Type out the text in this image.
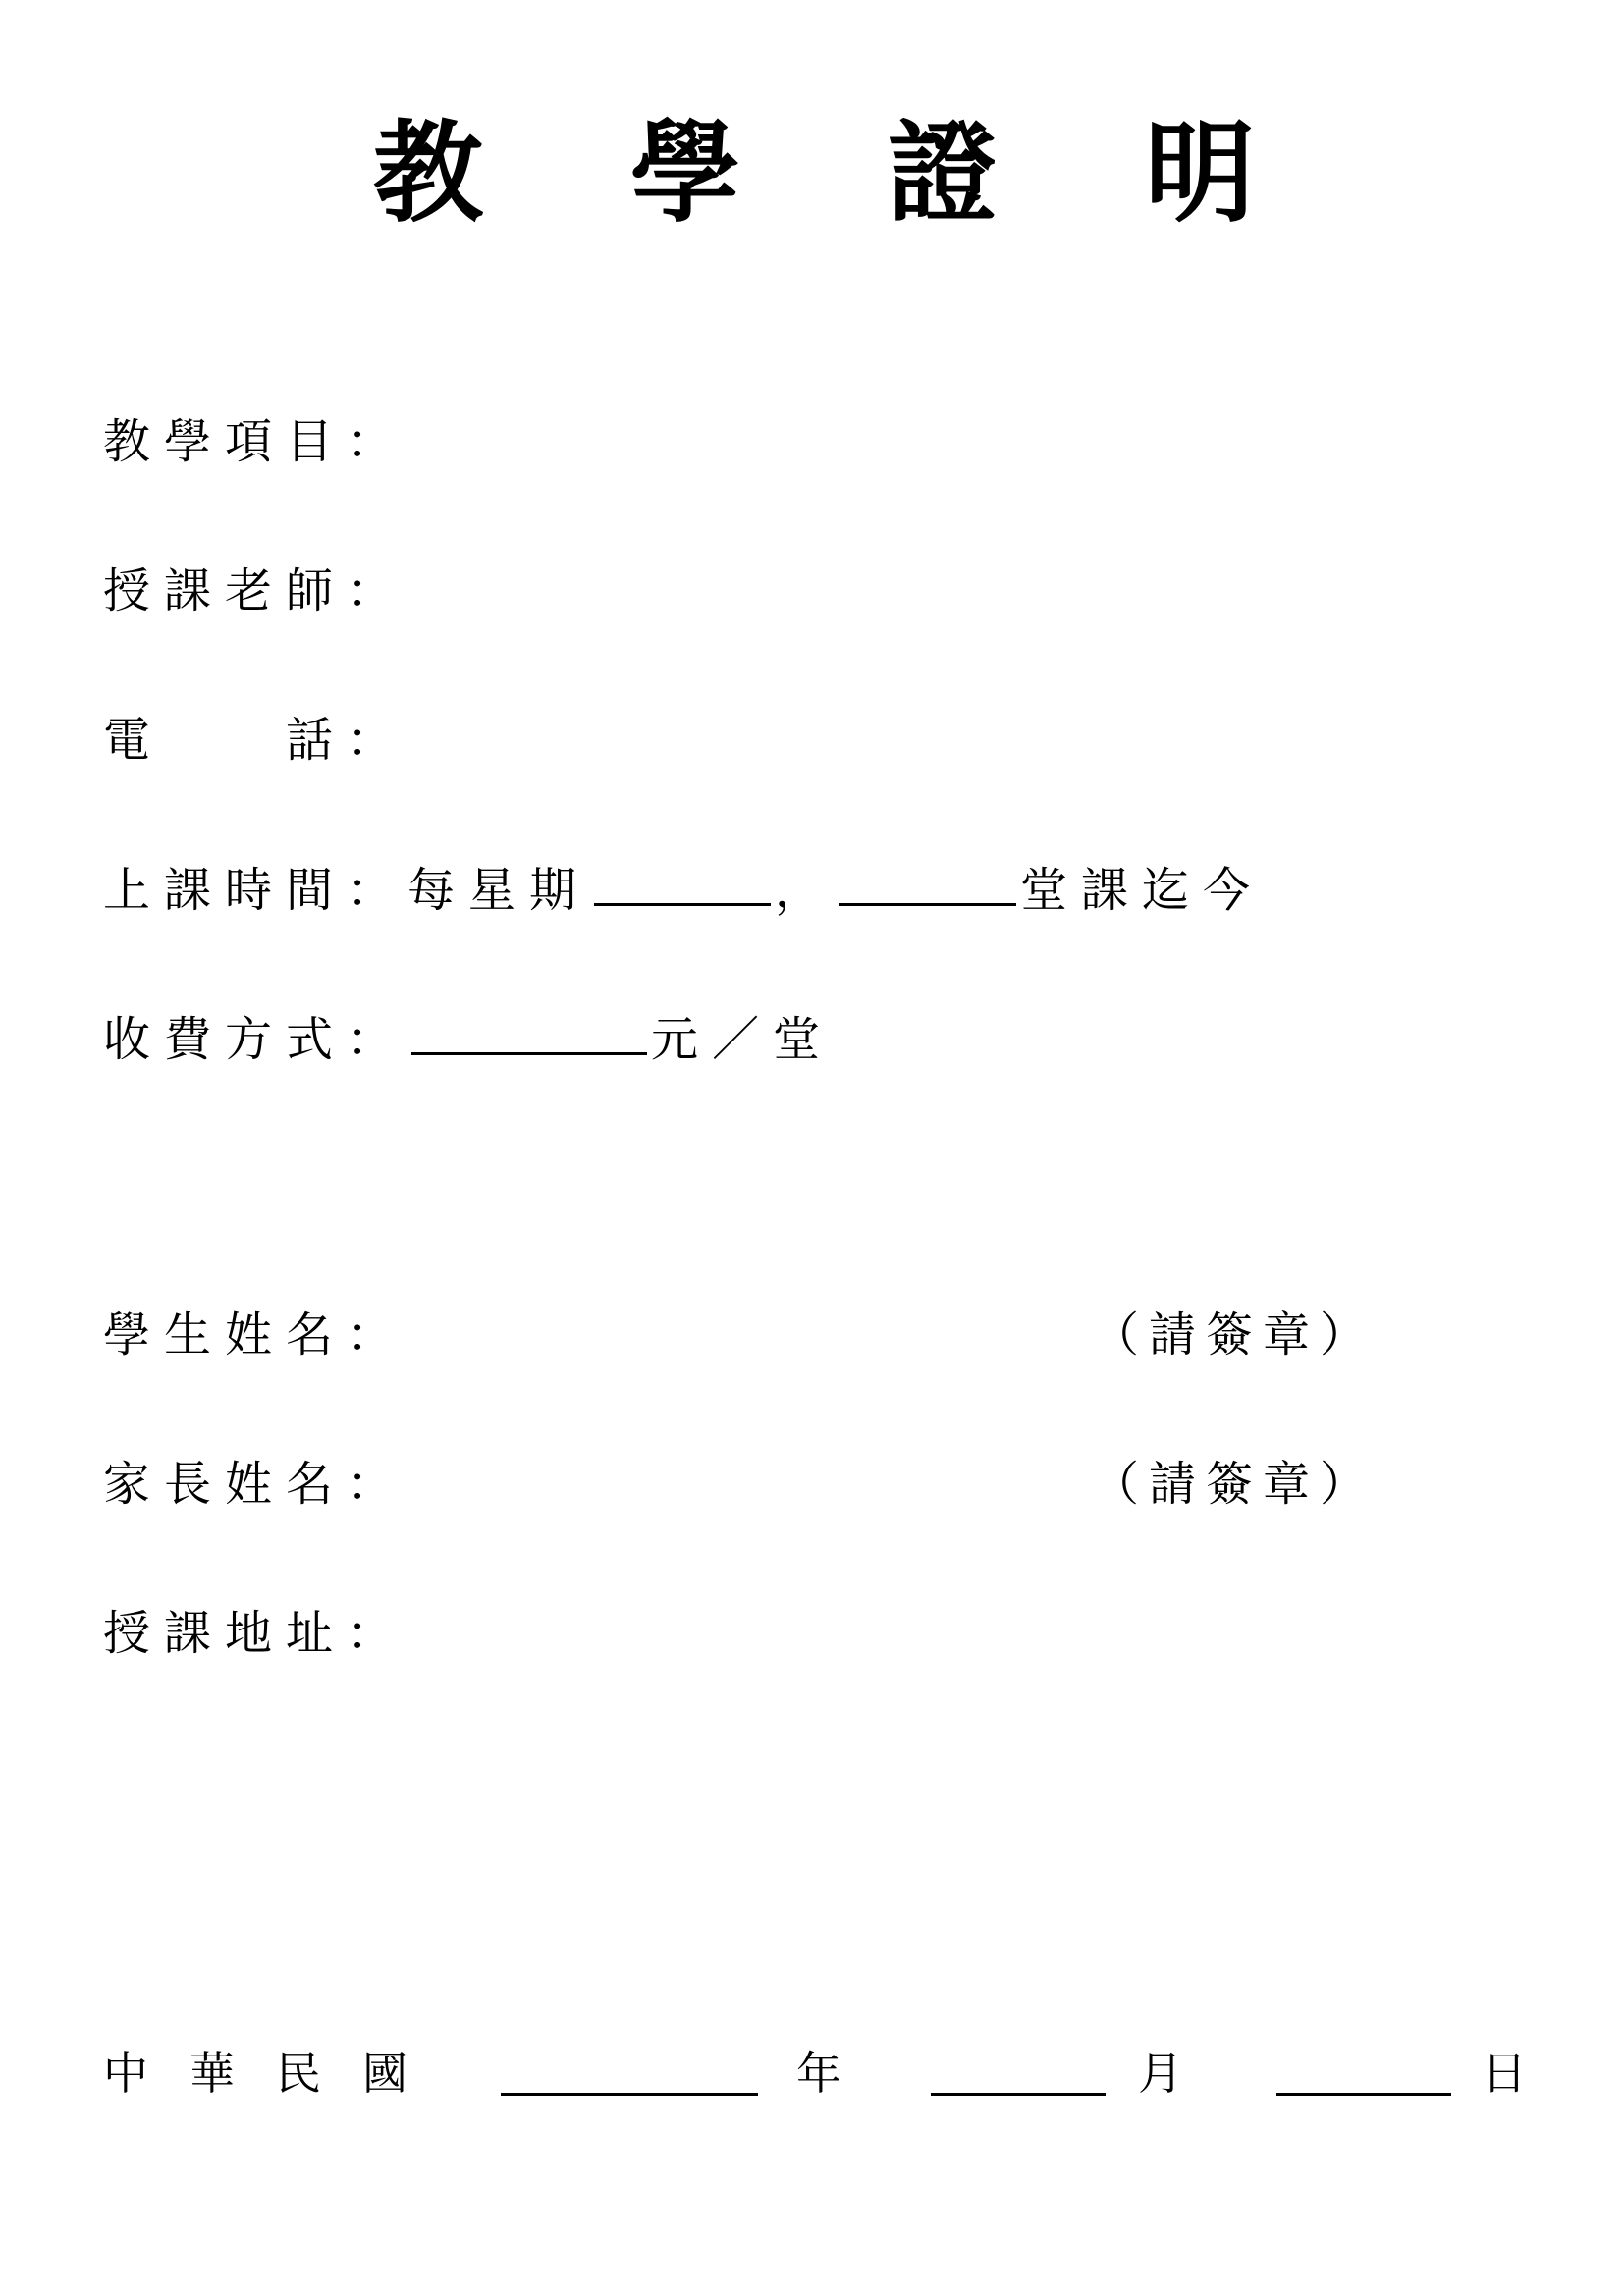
教 學 證 明
教學項目：
授課老師：
電　　話：
上課時間：每星期	，	堂課迄今
收費方式：	元／堂
學生姓名：	（請簽章）
家長姓名：	（請簽章）
授課地址：
中華民國	年	月	日
